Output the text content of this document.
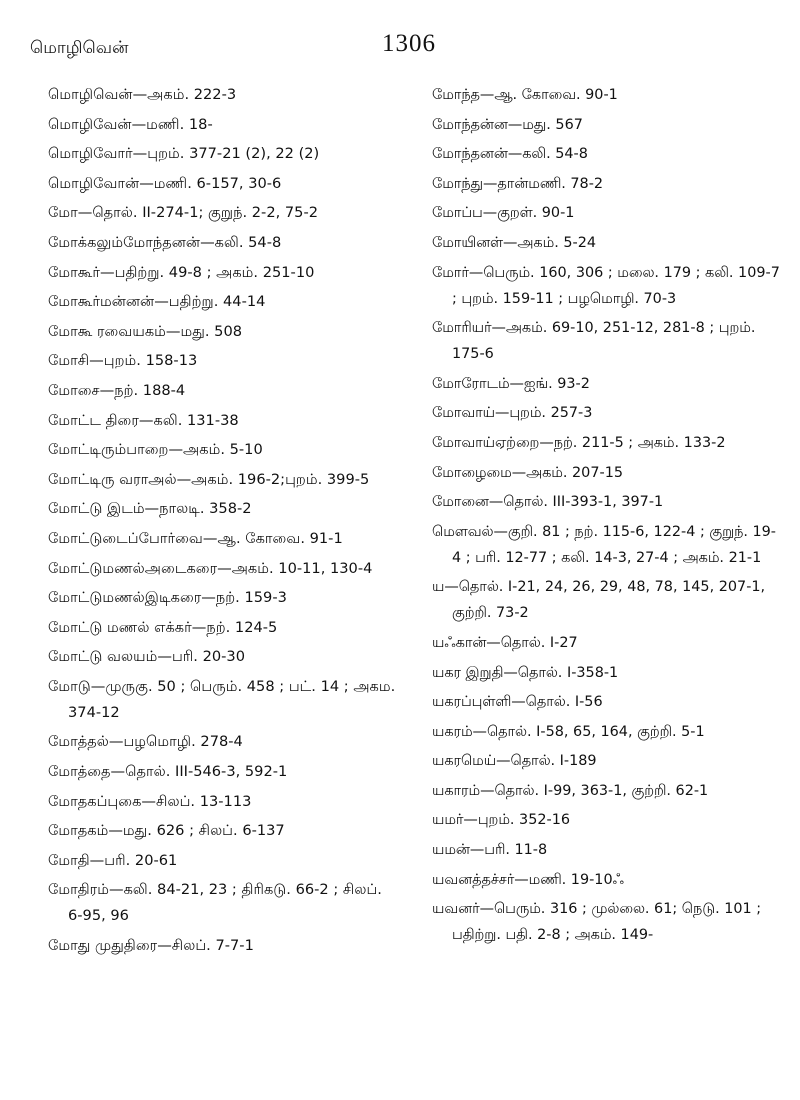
மொழிவென்	1306
மொழிவென்—அகம். 222-3
மொழிவேன்—மணி. 18-
மொழிவோர்—புறம். 377-21 (2), 22 (2)
மொழிவோன்—மணி. 6-157, 30-6
மோ—தொல். II-274-1; குறுந். 2-2, 75-2
மோக்கலும்மோந்தனன்—கலி. 54-8
மோகூர்—பதிற்று. 49-8 ; அகம். 251-10
மோகூர்மன்னன்—பதிற்று. 44-14
மோகூ ரவையகம்—மது. 508
மோசி—புறம். 158-13
மோசை—நற். 188-4
மோட்ட திரை—கலி. 131-38
மோட்டிரும்பாறை—அகம். 5-10
மோட்டிரு வராஅல்—அகம். 196-2;புறம். 399-5
மோட்டு இடம்—நாலடி. 358-2
மோட்டுடைப்போர்வை—ஆ. கோவை. 91-1
மோட்டுமணல்அடைகரை—அகம். 10-11, 130-4
மோட்டுமணல்இடிகரை—நற். 159-3
மோட்டு மணல் எக்கர்—நற். 124-5
மோட்டு வலயம்—பரி. 20-30
மோடு—முருகு. 50 ; பெரும். 458 ; பட். 14 ; அகம. 374-12
மோத்தல்—பழமொழி. 278-4
மோத்தை—தொல். III-546-3, 592-1
மோதகப்புகை—சிலப். 13-113
மோதகம்—மது. 626 ; சிலப். 6-137
மோதி—பரி. 20-61
மோதிரம்—கலி. 84-21, 23 ; திரிகடு. 66-2 ; சிலப். 6-95, 96
மோது முதுதிரை—சிலப். 7-7-1
மோந்த—ஆ. கோவை. 90-1
மோந்தன்ன—மது. 567
மோந்தனன்—கலி. 54-8
மோந்து—தான்மணி. 78-2
மோப்ப—குறள். 90-1
மோயினள்—அகம். 5-24
மோர்—பெரும். 160, 306 ; மலை. 179 ; கலி. 109-7 ; புறம். 159-11 ; பழமொழி. 70-3
மோரியர்—அகம். 69-10, 251-12, 281-8 ; புறம். 175-6
மோரோடம்—ஐங். 93-2
மோவாய்—புறம். 257-3
மோவாய்ஏற்றை—நற். 211-5 ; அகம். 133-2
மோழைமை—அகம். 207-15
மோனை—தொல். III-393-1, 397-1
மௌவல்—குறி. 81 ; நற். 115-6, 122-4 ; குறுந். 19-4 ; பரி. 12-77 ; கலி. 14-3, 27-4 ; அகம். 21-1
ய—தொல். I-21, 24, 26, 29, 48, 78, 145, 207-1, குற்றி. 73-2
யஃகான்—தொல். I-27
யகர இறுதி—தொல். I-358-1
யகரப்புள்ளி—தொல். I-56
யகரம்—தொல். I-58, 65, 164, குற்றி. 5-1
யகரமெய்—தொல். I-189
யகாரம்—தொல். I-99, 363-1, குற்றி. 62-1
யமர்—புறம். 352-16
யமன்—பரி. 11-8
யவனத்தச்சர்—மணி. 19-10ஃ
யவனர்—பெரும். 316 ; முல்லை. 61; நெடு. 101 ; பதிற்று. பதி. 2-8 ; அகம். 149-
